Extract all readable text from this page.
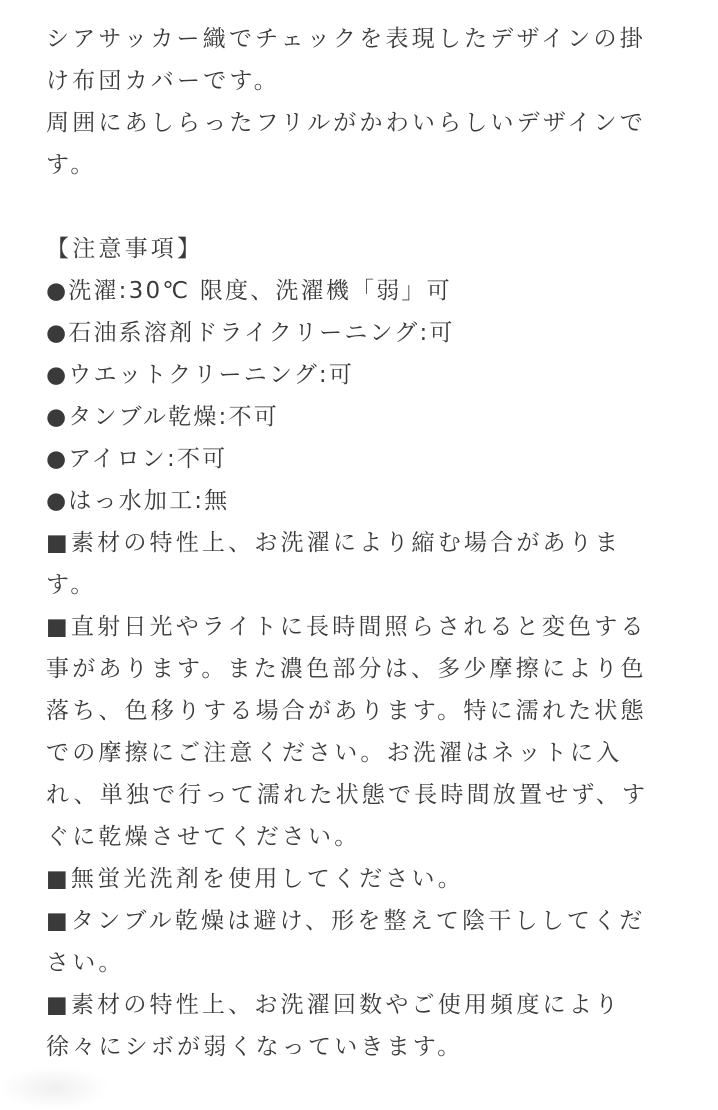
シアサッカー織でチェックを表現したデザインの掛
け布団カバーです。
周囲にあしらったフリルがかわいらしいデザインで
す。
【注意事項】
●洗濯:30℃ 限度、洗濯機「弱」可
●石油系溶剤ドライクリーニング:可
●ウエットクリーニング:可
●タンブル乾燥:不可
●アイロン:不可
●はっ水加工:無
■素材の特性上、お洗濯により縮む場合がありま
す。
■直射日光やライトに長時間照らされると変色する
事があります。また濃色部分は、多少摩擦により色
落ち、色移りする場合があります。特に濡れた状態
での摩擦にご注意ください。お洗濯はネットに入
れ、単独で行って濡れた状態で長時間放置せず、す
ぐに乾燥させてください。
■無蛍光洗剤を使用してください。
■タンブル乾燥は避け、形を整えて陰干ししてくだ
さい。
■素材の特性上、お洗濯回数やご使用頻度により
徐々にシボが弱くなっていきます。
